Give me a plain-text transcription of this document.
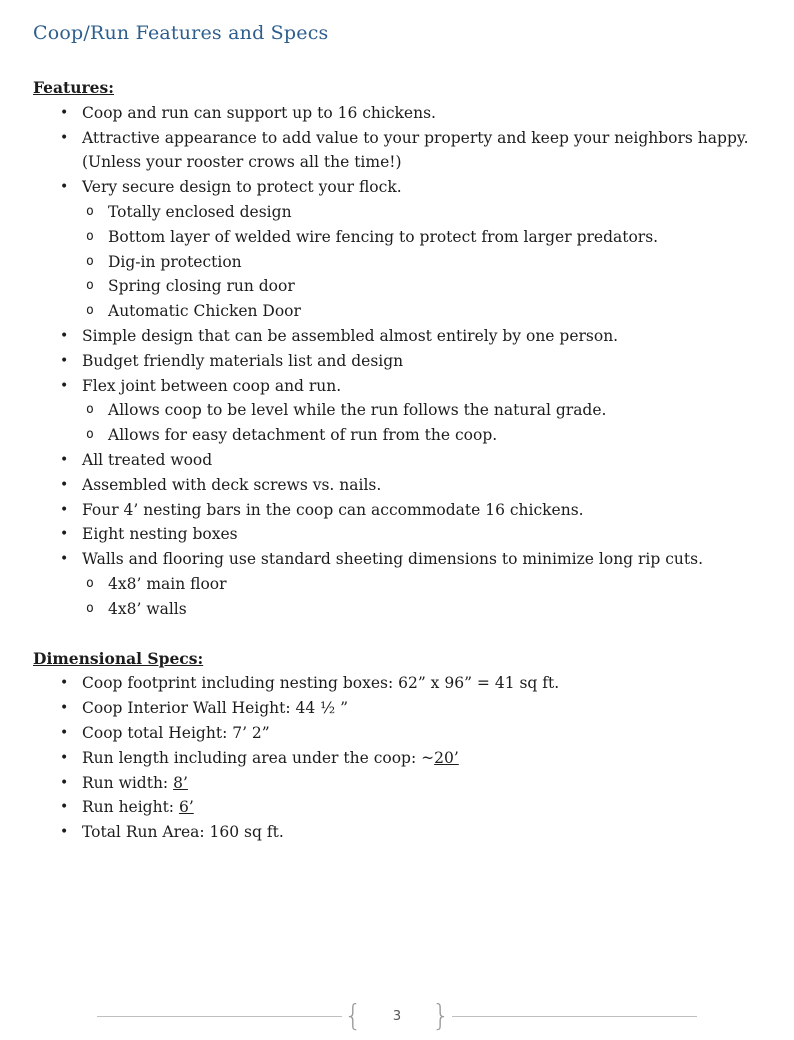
Coop/Run Features and Specs
Features:
• Coop and run can support up to 16 chickens.
• Attractive appearance to add value to your property and keep your neighbors happy. (Unless your rooster crows all the time!)
• Very secure design to protect your flock.
o Totally enclosed design
o Bottom layer of welded wire fencing to protect from larger predators.
o Dig-in protection
o Spring closing run door
o Automatic Chicken Door
• Simple design that can be assembled almost entirely by one person.
• Budget friendly materials list and design
• Flex joint between coop and run.
o Allows coop to be level while the run follows the natural grade.
o Allows for easy detachment of run from the coop.
• All treated wood
• Assembled with deck screws vs. nails.
• Four 4’ nesting bars in the coop can accommodate 16 chickens.
• Eight nesting boxes
• Walls and flooring use standard sheeting dimensions to minimize long rip cuts.
o 4x8’ main floor
o 4x8’ walls
Dimensional Specs:
• Coop footprint including nesting boxes: 62” x 96” = 41 sq ft.
• Coop Interior Wall Height: 44 ½ ”
• Coop total Height: 7’ 2”
• Run length including area under the coop: ~20’
• Run width: 8’
• Run height: 6’
• Total Run Area: 160 sq ft.
{	3	}
